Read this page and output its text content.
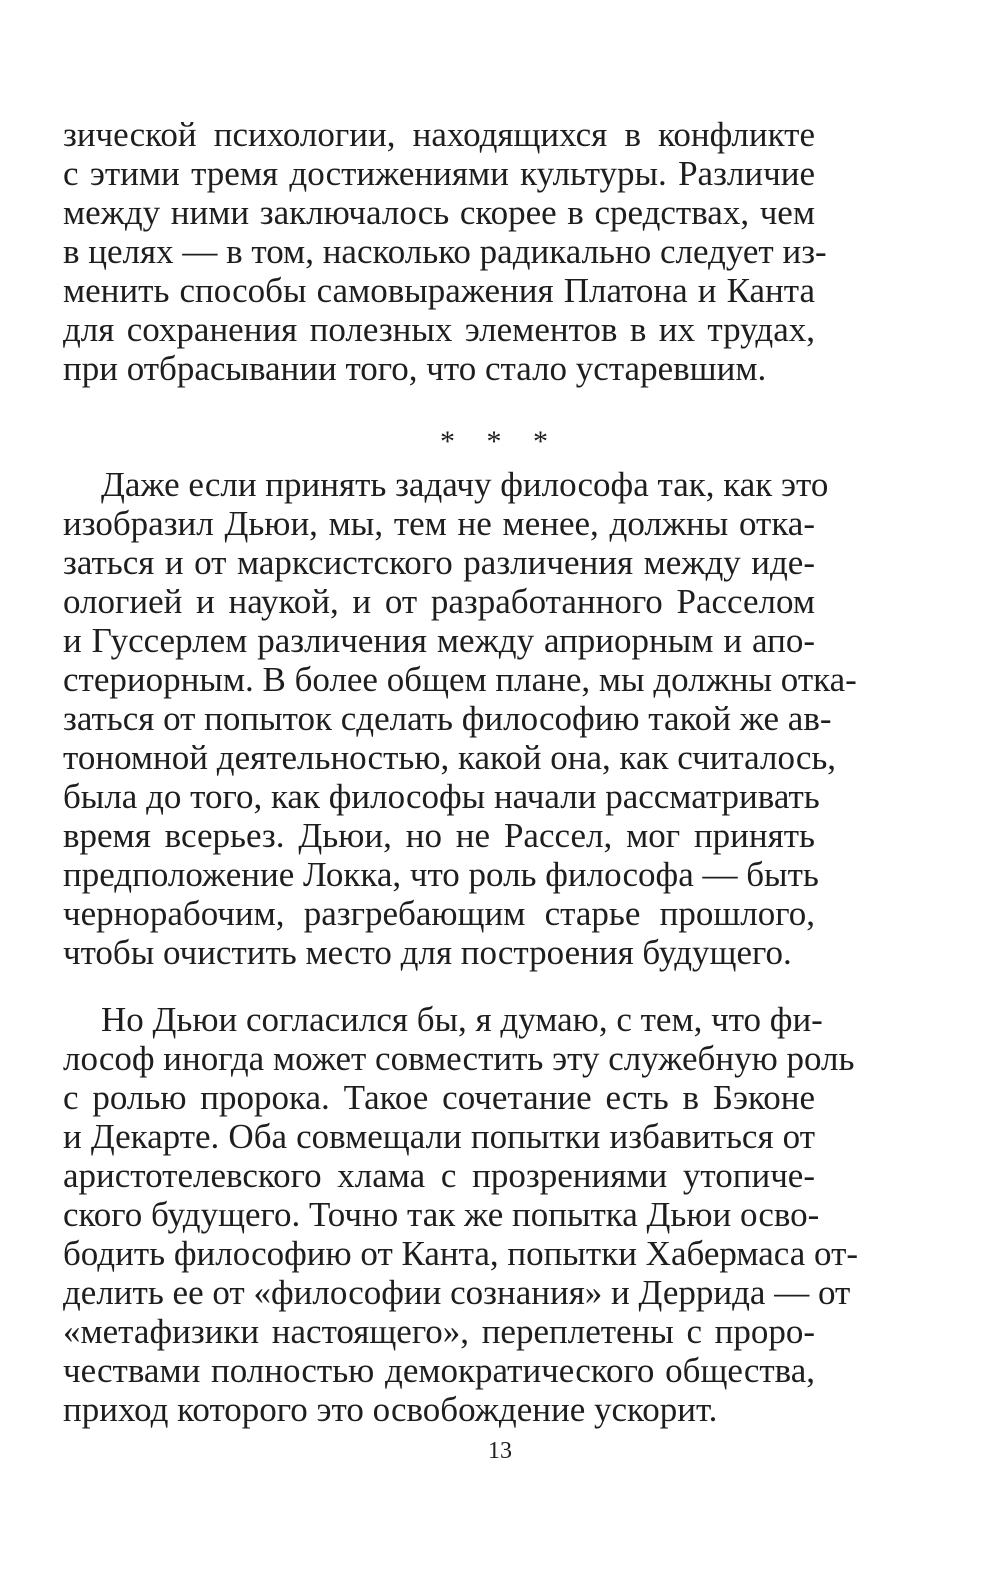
зической психологии, находящихся в конфликте
с этими тремя достижениями культуры. Различие
между ними заключалось скорее в средствах, чем
в целях — в том, насколько радикально следует из-
менить способы самовыражения Платона и Канта
для сохранения полезных элементов в их трудах,
при отбрасывании того, что стало устаревшим.
* * *
Даже если принять задачу философа так, как это
изобразил Дьюи, мы, тем не менее, должны отка-
заться и от марксистского различения между иде-
ологией и наукой, и от разработанного Расселом
и Гуссерлем различения между априорным и апо-
стериорным. В более общем плане, мы должны отка-
заться от попыток сделать философию такой же ав-
тономной деятельностью, какой она, как считалось,
была до того, как философы начали рассматривать
время всерьез. Дьюи, но не Рассел, мог принять
предположение Локка, что роль философа — быть
чернорабочим, разгребающим старье прошлого,
чтобы очистить место для построения будущего.
Но Дьюи согласился бы, я думаю, с тем, что фи-
лософ иногда может совместить эту служебную роль
с ролью пророка. Такое сочетание есть в Бэконе
и Декарте. Оба совмещали попытки избавиться от
аристотелевского хлама с прозрениями утопиче-
ского будущего. Точно так же попытка Дьюи осво-
бодить философию от Канта, попытки Хабермаса от-
делить ее от «философии сознания» и Деррида — от
«метафизики настоящего», переплетены с проро-
чествами полностью демократического общества,
приход которого это освобождение ускорит.
13
